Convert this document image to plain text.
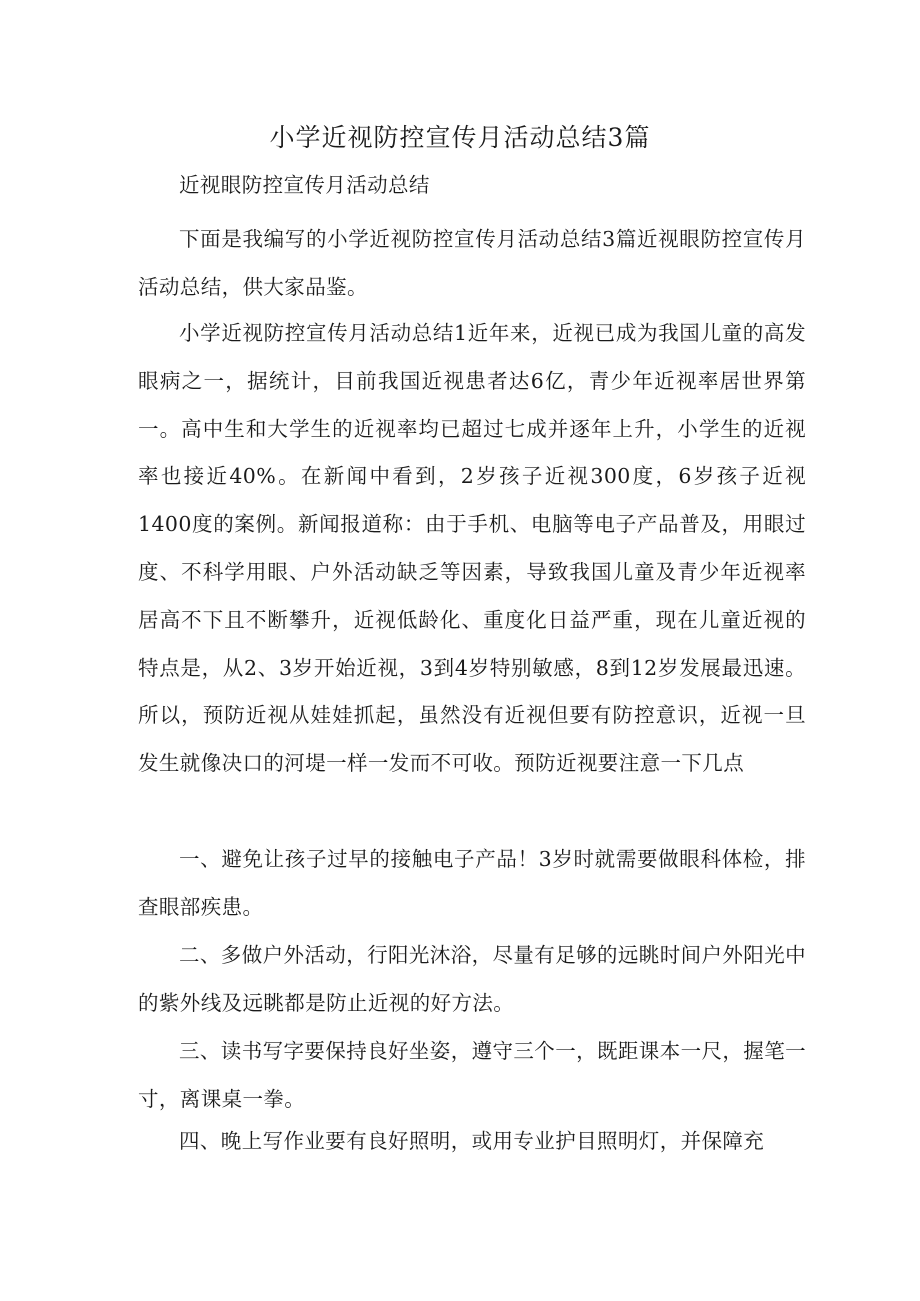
小学近视防控宣传月活动总结3篇

近视眼防控宣传月活动总结

下面是我编写的小学近视防控宣传月活动总结3篇近视眼防控宣传月活动总结，供大家品鉴。

小学近视防控宣传月活动总结1近年来，近视已成为我国儿童的高发眼病之一，据统计，目前我国近视患者达6亿，青少年近视率居世界第一。高中生和大学生的近视率均已超过七成并逐年上升，小学生的近视率也接近40%。在新闻中看到，2岁孩子近视300度，6岁孩子近视1400度的案例。新闻报道称：由于手机、电脑等电子产品普及，用眼过度、不科学用眼、户外活动缺乏等因素，导致我国儿童及青少年近视率居高不下且不断攀升，近视低龄化、重度化日益严重，现在儿童近视的特点是，从2、3岁开始近视，3到4岁特别敏感，8到12岁发展最迅速。所以，预防近视从娃娃抓起，虽然没有近视但要有防控意识，近视一旦发生就像决口的河堤一样一发而不可收。预防近视要注意一下几点

一、避免让孩子过早的接触电子产品！3岁时就需要做眼科体检，排查眼部疾患。

二、多做户外活动，行阳光沐浴，尽量有足够的远眺时间户外阳光中的紫外线及远眺都是防止近视的好方法。

三、读书写字要保持良好坐姿，遵守三个一，既距课本一尺，握笔一寸，离课桌一拳。

四、晚上写作业要有良好照明，或用专业护目照明灯，并保障充
